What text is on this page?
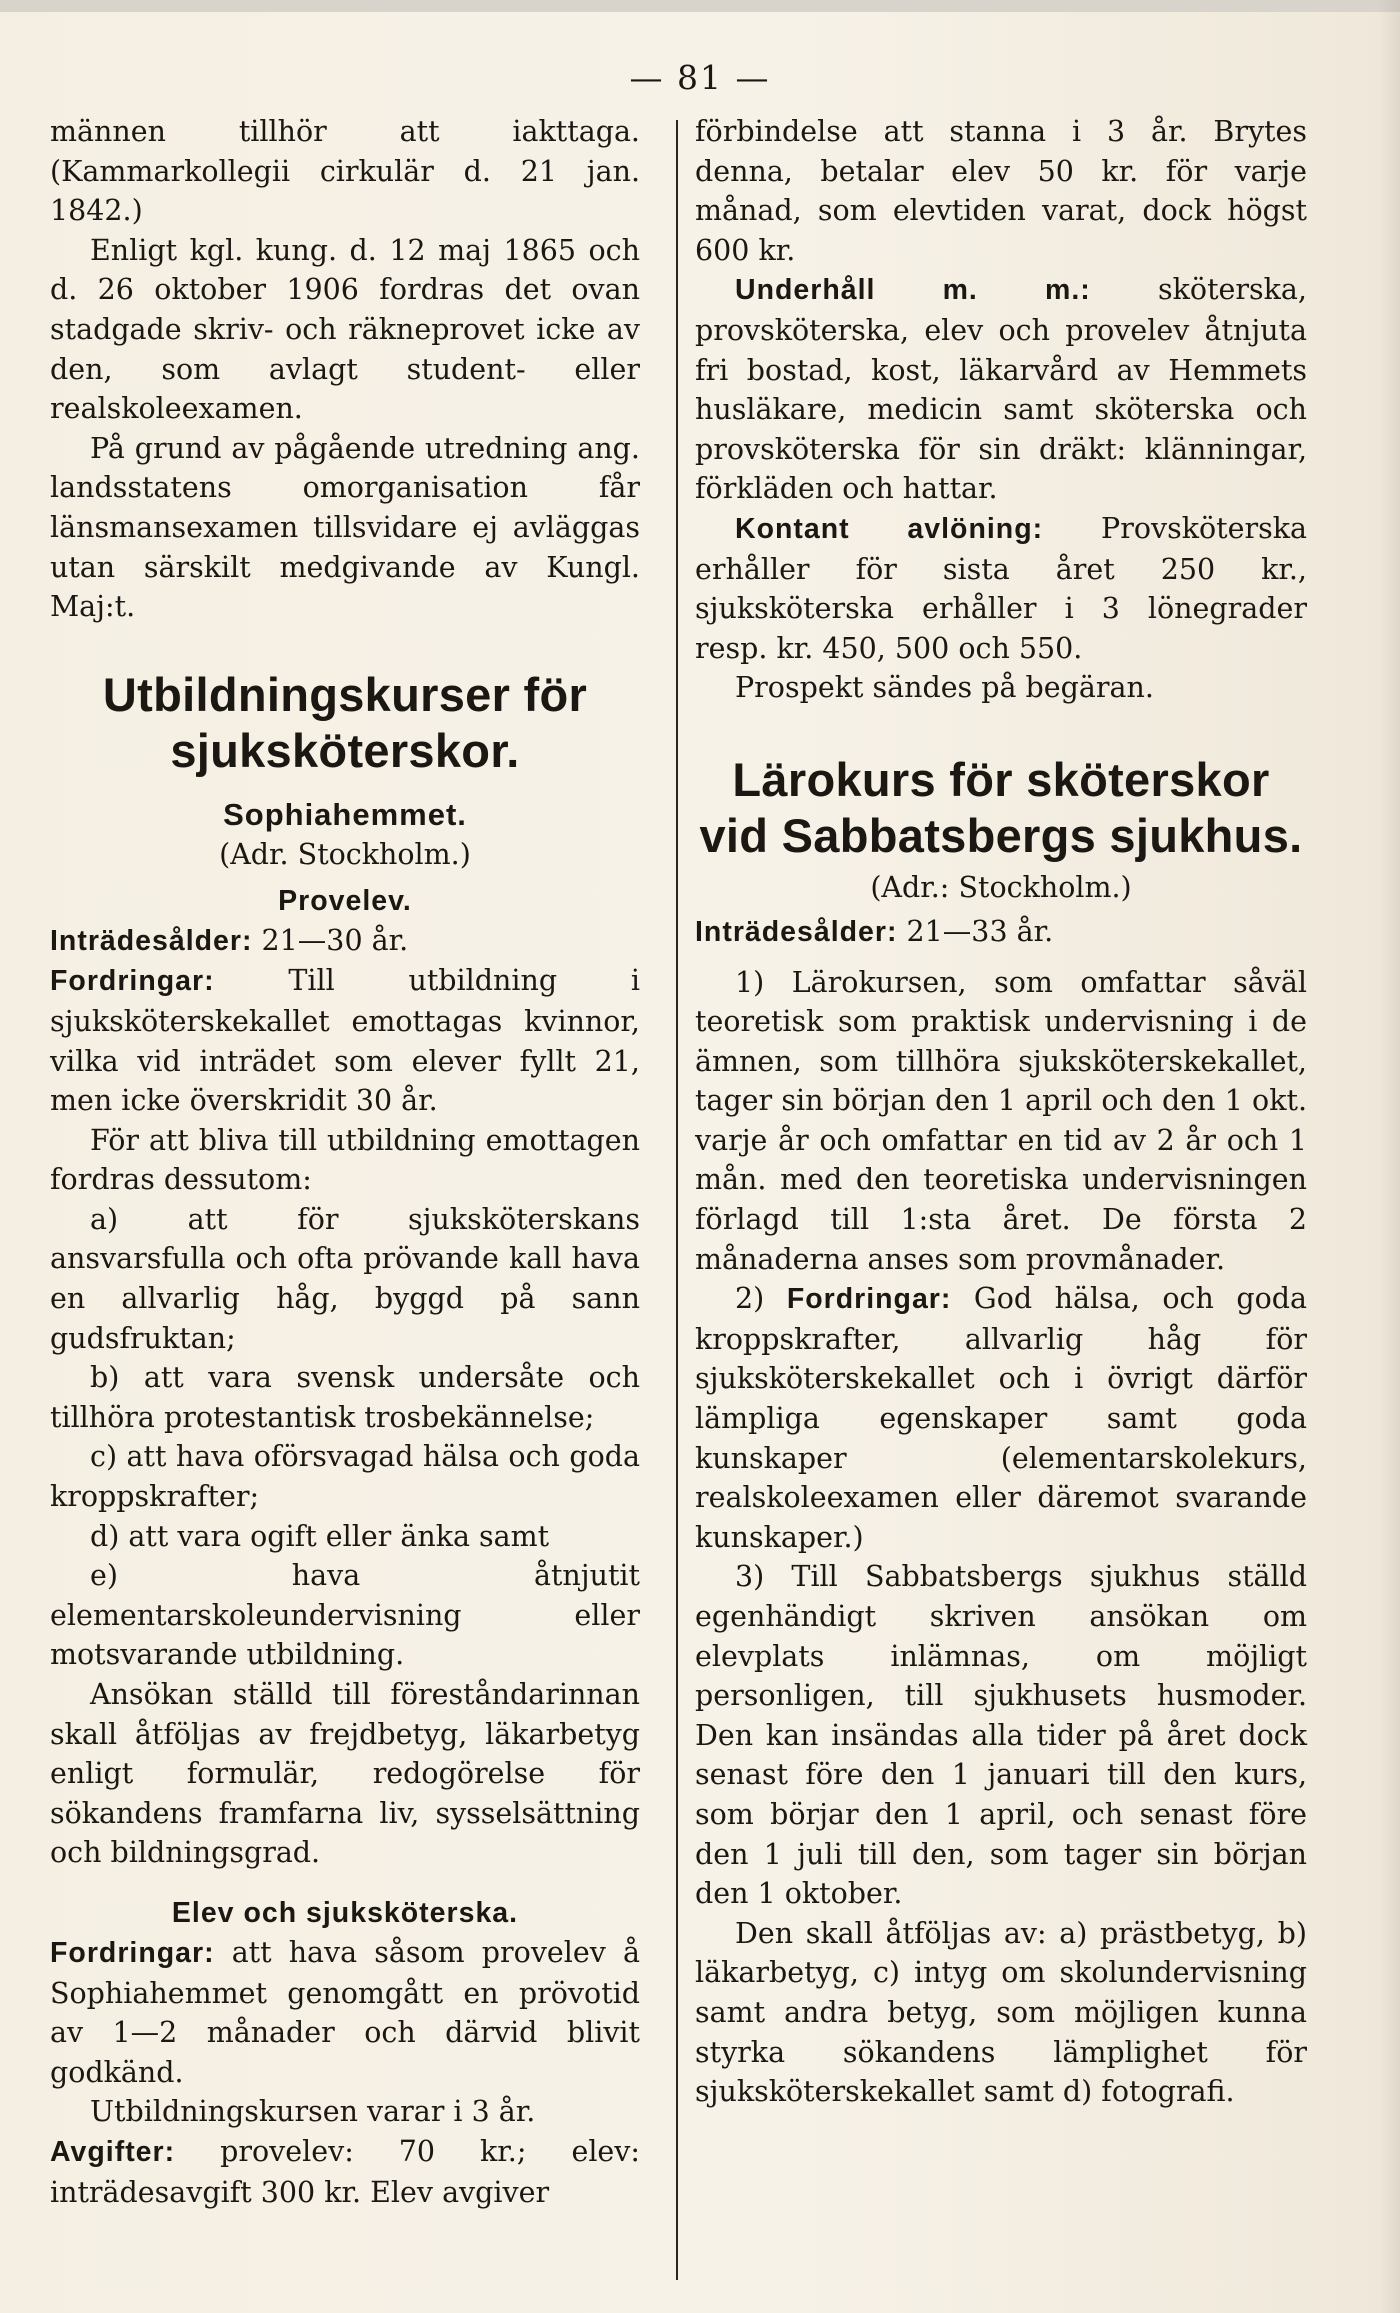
— 81 —

männen tillhör att iakttaga. (Kammarkollegii cirkulär d. 21 jan. 1842.)

Enligt kgl. kung. d. 12 maj 1865 och d. 26 oktober 1906 fordras det ovan stadgade skriv- och räkneprovet icke av den, som avlagt student- eller realskoleexamen.

På grund av pågående utredning ang. landsstatens omorganisation får länsmansexamen tillsvidare ej avläggas utan särskilt medgivande av Kungl. Maj:t.

Utbildningskurser för sjuksköterskor.
Sophiahemmet.
(Adr. Stockholm.)
Provelev.

Inträdesålder: 21—30 år.

Fordringar: Till utbildning i sjuksköterskekallet emottagas kvinnor, vilka vid inträdet som elever fyllt 21, men icke överskridit 30 år.

För att bliva till utbildning emottagen fordras dessutom:

a) att för sjuksköterskans ansvarsfulla och ofta prövande kall hava en allvarlig håg, byggd på sann gudsfruktan;

b) att vara svensk undersåte och tillhöra protestantisk trosbekännelse;

c) att hava oförsvagad hälsa och goda kroppskrafter;

d) att vara ogift eller änka samt

e) hava åtnjutit elementarskoleundervisning eller motsvarande utbildning.

Ansökan ställd till föreståndarinnan skall åtföljas av frejdbetyg, läkarbetyg enligt formulär, redogörelse för sökandens framfarna liv, sysselsättning och bildningsgrad.

Elev och sjuksköterska.

Fordringar: att hava såsom provelev å Sophiahemmet genomgått en prövotid av 1—2 månader och därvid blivit godkänd.

Utbildningskursen varar i 3 år.

Avgifter: provelev: 70 kr.; elev: inträdesavgift 300 kr. Elev avgiver

förbindelse att stanna i 3 år. Brytes denna, betalar elev 50 kr. för varje månad, som elevtiden varat, dock högst 600 kr.

Underhåll m. m.: sköterska, provsköterska, elev och provelev åtnjuta fri bostad, kost, läkarvård av Hemmets husläkare, medicin samt sköterska och provsköterska för sin dräkt: klänningar, förkläden och hattar.

Kontant avlöning: Provsköterska erhåller för sista året 250 kr., sjuksköterska erhåller i 3 lönegrader resp. kr. 450, 500 och 550.

Prospekt sändes på begäran.

Lärokurs för sköterskor vid Sabbatsbergs sjukhus.
(Adr.: Stockholm.)

Inträdesålder: 21—33 år.

1) Lärokursen, som omfattar såväl teoretisk som praktisk undervisning i de ämnen, som tillhöra sjuksköterskekallet, tager sin början den 1 april och den 1 okt. varje år och omfattar en tid av 2 år och 1 mån. med den teoretiska undervisningen förlagd till 1:sta året. De första 2 månaderna anses som provmånader.

2) Fordringar: God hälsa, och goda kroppskrafter, allvarlig håg för sjuksköterskekallet och i övrigt därför lämpliga egenskaper samt goda kunskaper (elementarskolekurs, realskoleexamen eller däremot svarande kunskaper.)

3) Till Sabbatsbergs sjukhus ställd egenhändigt skriven ansökan om elevplats inlämnas, om möjligt personligen, till sjukhusets husmoder. Den kan insändas alla tider på året dock senast före den 1 januari till den kurs, som börjar den 1 april, och senast före den 1 juli till den, som tager sin början den 1 oktober.

Den skall åtföljas av: a) prästbetyg, b) läkarbetyg, c) intyg om skolundervisning samt andra betyg, som möjligen kunna styrka sökandens lämplighet för sjuksköterskekallet samt d) fotografi.
